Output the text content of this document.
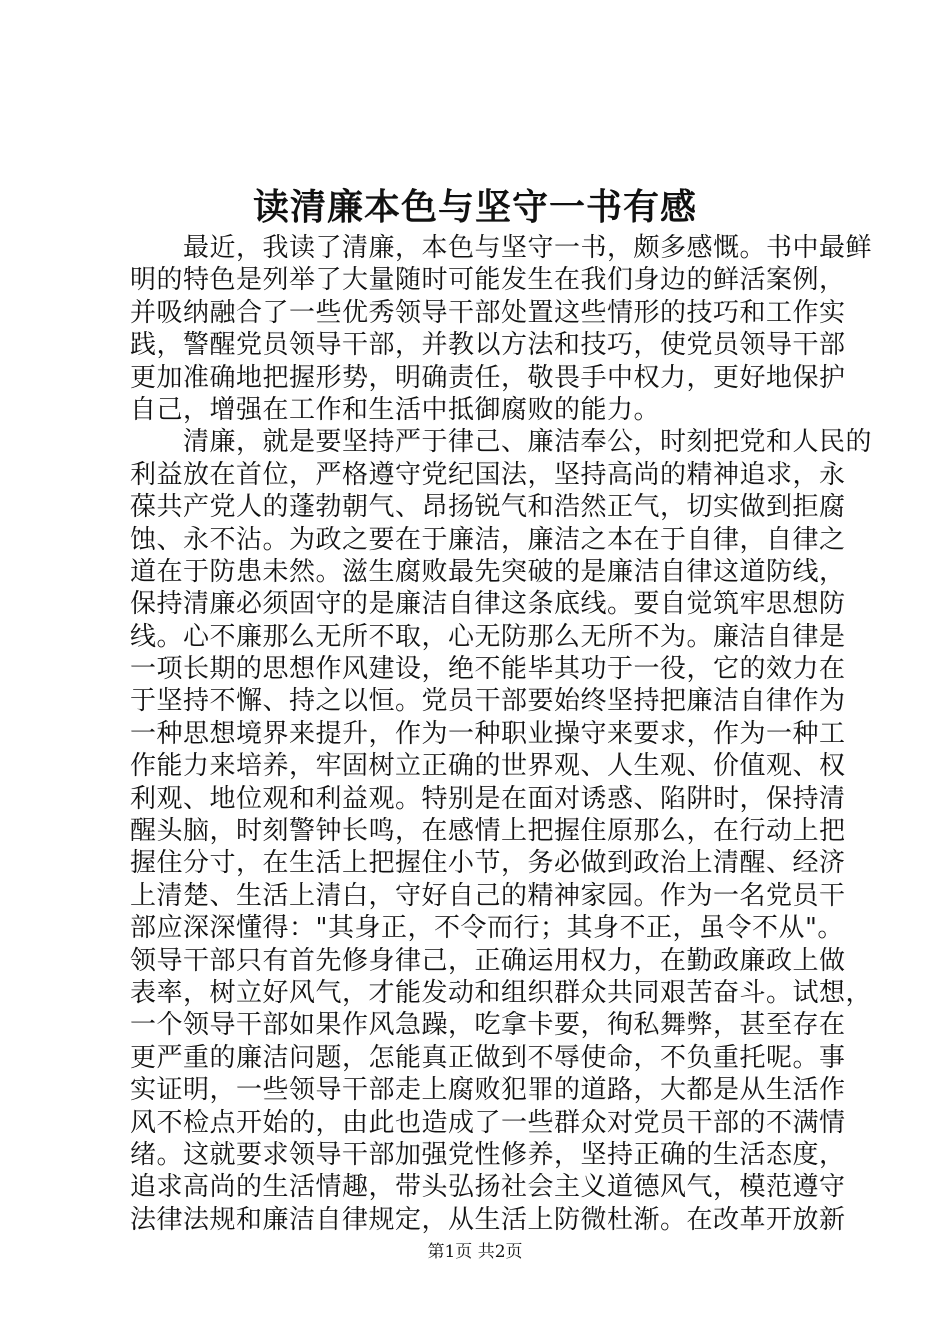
读清廉本色与坚守一书有感
　　最近，我读了清廉，本色与坚守一书，颇多感慨。书中最鲜
明的特色是列举了大量随时可能发生在我们身边的鲜活案例，
并吸纳融合了一些优秀领导干部处置这些情形的技巧和工作实
践，警醒党员领导干部，并教以方法和技巧，使党员领导干部
更加准确地把握形势，明确责任，敬畏手中权力，更好地保护
自己，增强在工作和生活中抵御腐败的能力。
　　清廉，就是要坚持严于律己、廉洁奉公，时刻把党和人民的
利益放在首位，严格遵守党纪国法，坚持高尚的精神追求，永
葆共产党人的蓬勃朝气、昂扬锐气和浩然正气，切实做到拒腐
蚀、永不沾。为政之要在于廉洁，廉洁之本在于自律，自律之
道在于防患未然。滋生腐败最先突破的是廉洁自律这道防线，
保持清廉必须固守的是廉洁自律这条底线。要自觉筑牢思想防
线。心不廉那么无所不取，心无防那么无所不为。廉洁自律是
一项长期的思想作风建设，绝不能毕其功于一役，它的效力在
于坚持不懈、持之以恒。党员干部要始终坚持把廉洁自律作为
一种思想境界来提升，作为一种职业操守来要求，作为一种工
作能力来培养，牢固树立正确的世界观、人生观、价值观、权
利观、地位观和利益观。特别是在面对诱惑、陷阱时，保持清
醒头脑，时刻警钟长鸣，在感情上把握住原那么，在行动上把
握住分寸，在生活上把握住小节，务必做到政治上清醒、经济
上清楚、生活上清白，守好自己的精神家园。作为一名党员干
部应深深懂得："其身正，不令而行；其身不正，虽令不从"。
领导干部只有首先修身律己，正确运用权力，在勤政廉政上做
表率，树立好风气，才能发动和组织群众共同艰苦奋斗。试想，
一个领导干部如果作风急躁，吃拿卡要，徇私舞弊，甚至存在
更严重的廉洁问题，怎能真正做到不辱使命，不负重托呢。事
实证明，一些领导干部走上腐败犯罪的道路，大都是从生活作
风不检点开始的，由此也造成了一些群众对党员干部的不满情
绪。这就要求领导干部加强党性修养，坚持正确的生活态度，
追求高尚的生活情趣，带头弘扬社会主义道德风气，模范遵守
法律法规和廉洁自律规定，从生活上防微杜渐。在改革开放新
第1页 共2页
